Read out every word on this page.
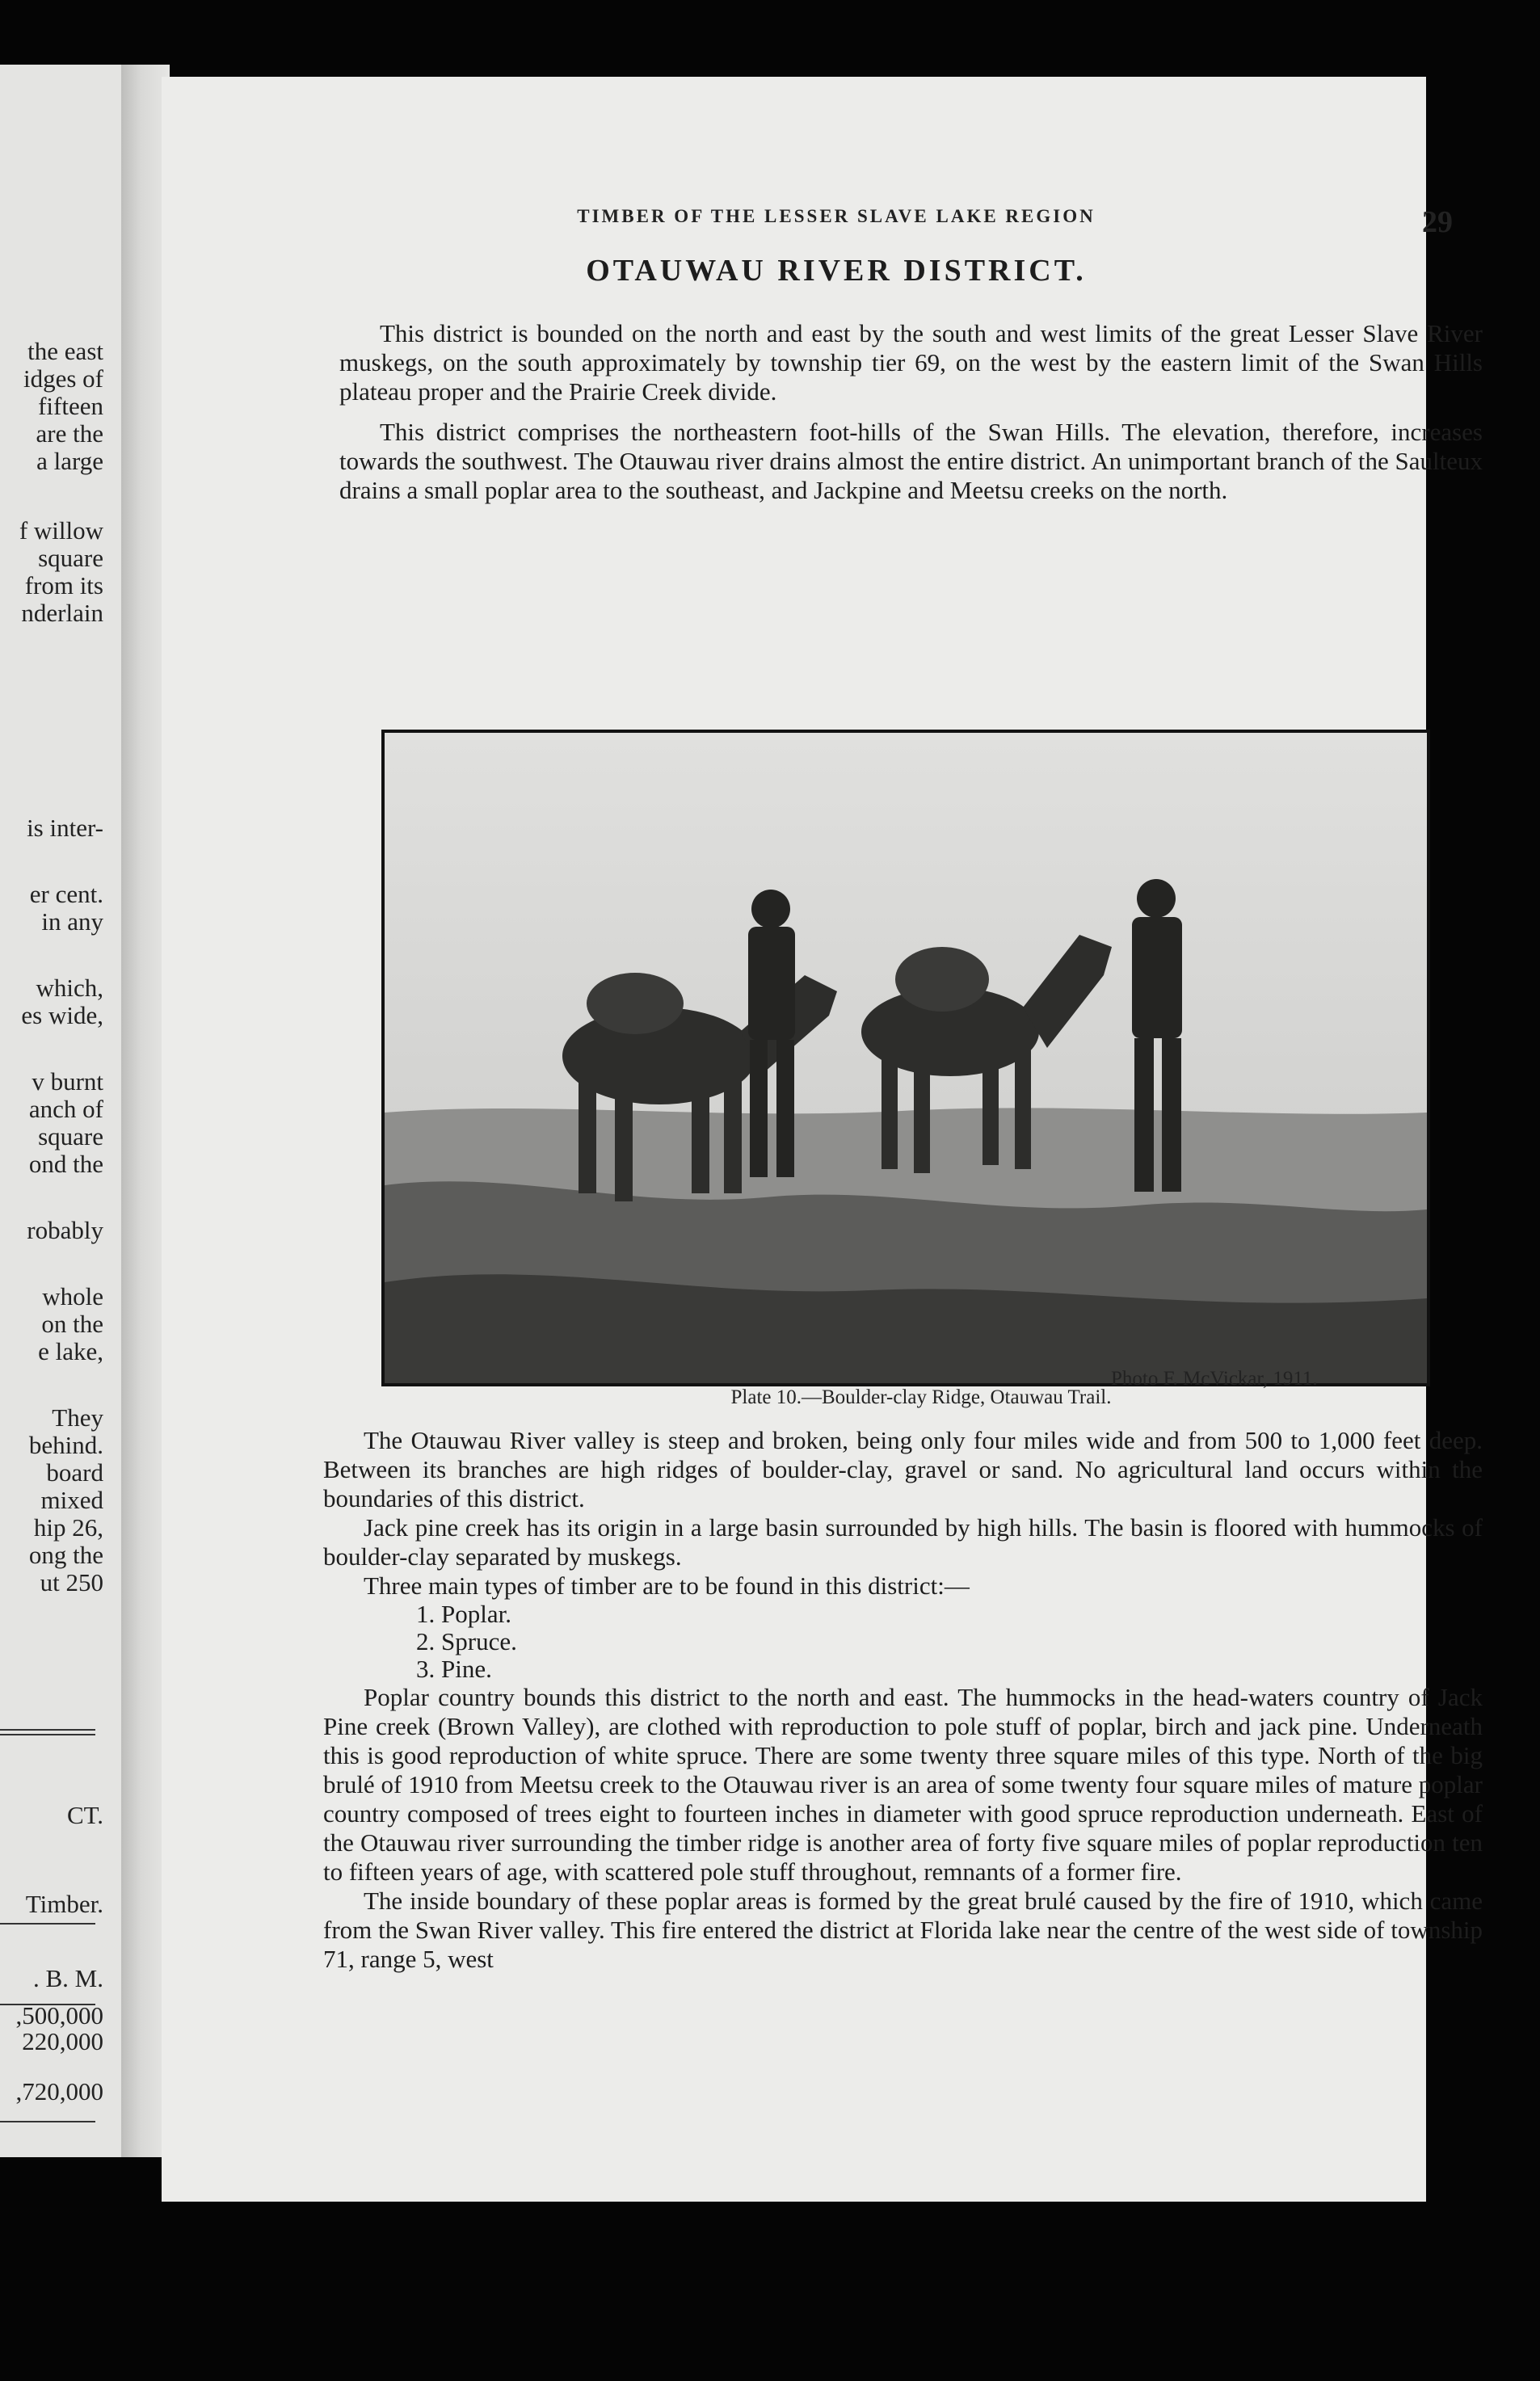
the east
idges of
fifteen
are the
a large
f willow
square
from its
nderlain
is inter-
er cent.
in any
which,
es wide,
v burnt
anch of
square
ond the
robably
whole
on the
e lake,
They
behind.
board
mixed
hip 26,
ong the
ut 250
CT.
Timber.
. B. M.
,500,000
220,000
,720,000
TIMBER OF THE LESSER SLAVE LAKE REGION	29
OTAUWAU RIVER DISTRICT.

This district is bounded on the north and east by the south and west limits of the great Lesser Slave River muskegs, on the south approximately by township tier 69, on the west by the eastern limit of the Swan Hills plateau proper and the Prairie Creek divide.

This district comprises the northeastern foot-hills of the Swan Hills. The elevation, therefore, increases towards the southwest. The Otauwau river drains almost the entire district. An unimportant branch of the Saulteux drains a small poplar area to the southeast, and Jackpine and Meetsu creeks on the north.

Photo F. McVickar, 1911.
Plate 10.—Boulder-clay Ridge, Otauwau Trail.

The Otauwau River valley is steep and broken, being only four miles wide and from 500 to 1,000 feet deep. Between its branches are high ridges of boulder-clay, gravel or sand. No agricultural land occurs within the boundaries of this district.

Jack pine creek has its origin in a large basin surrounded by high hills. The basin is floored with hummocks of boulder-clay separated by muskegs.

Three main types of timber are to be found in this district:—

1. Poplar.

2. Spruce.

3. Pine.

Poplar country bounds this district to the north and east. The hummocks in the head-waters country of Jack Pine creek (Brown Valley), are clothed with reproduction to pole stuff of poplar, birch and jack pine. Underneath this is good reproduction of white spruce. There are some twenty three square miles of this type. North of the big brulé of 1910 from Meetsu creek to the Otauwau river is an area of some twenty four square miles of mature poplar country composed of trees eight to fourteen inches in diameter with good spruce reproduction underneath. East of the Otauwau river surrounding the timber ridge is another area of forty five square miles of poplar reproduction ten to fifteen years of age, with scattered pole stuff throughout, remnants of a former fire.

The inside boundary of these poplar areas is formed by the great brulé caused by the fire of 1910, which came from the Swan River valley. This fire entered the district at Florida lake near the centre of the west side of township 71, range 5, west
